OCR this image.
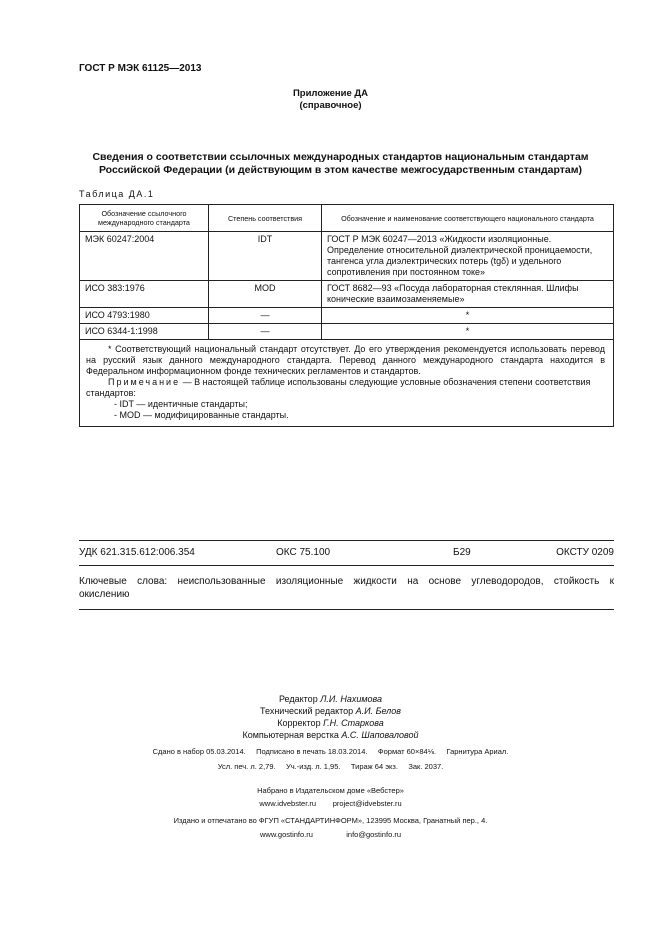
ГОСТ Р МЭК 61125—2013
Приложение ДА
(справочное)
Сведения о соответствии ссылочных международных стандартов национальным стандартам
Российской Федерации (и действующим в этом качестве межгосударственным стандартам)
Таблица ДА.1
Обозначение ссылочного международного стандарта	Степень соответствия	Обозначение и наименование соответствующего национального стандарта
МЭК 60247:2004	IDT	ГОСТ Р МЭК 60247—2013 «Жидкости изоляционные. Определение относительной диэлектрической проницаемости, тангенса угла диэлектрических потерь (tgδ) и удельного сопротивления при постоянном токе»
ИСО 383:1976	MOD	ГОСТ 8682—93 «Посуда лабораторная стеклянная. Шлифы конические взаимозаменяемые»
ИСО 4793:1980	—	*
ИСО 6344-1:1998	—	*

* Соответствующий национальный стандарт отсутствует. До его утверждения рекомендуется использовать перевод на русский язык данного международного стандарта. Перевод данного международного стандарта находится в Федеральном информационном фонде технических регламентов и стандартов.
Примечание — В настоящей таблице использованы следующие условные обозначения степени соответствия стандартов:
- IDT — идентичные стандарты;
- MOD — модифицированные стандарты.		
УДК 621.315.612:006.354	ОКС 75.100	Б29	ОКСТУ 0209
Ключевые слова: неиспользованные изоляционные жидкости на основе углеводородов, стойкость к окислению
Редактор Л.И. Нахимова
Технический редактор А.И. Белов
Корректор Г.Н. Старкова
Компьютерная верстка А.С. Шаповаловой
Сдано в набор 05.03.2014.     Подписано в печать 18.03.2014.     Формат 60×84⅛.     Гарнитура Ариал.
Усл. печ. л. 2,79.     Уч.-изд. л. 1,95.     Тираж 64 экз.     Зак. 2037.
Набрано в Издательском доме «Вебстер»
www.idvebster.ru        project@idvebster.ru
Издано и отпечатано во ФГУП «СТАНДАРТИНФОРМ», 123995 Москва, Гранатный пер., 4.
www.gostinfo.ru                info@gostinfo.ru
